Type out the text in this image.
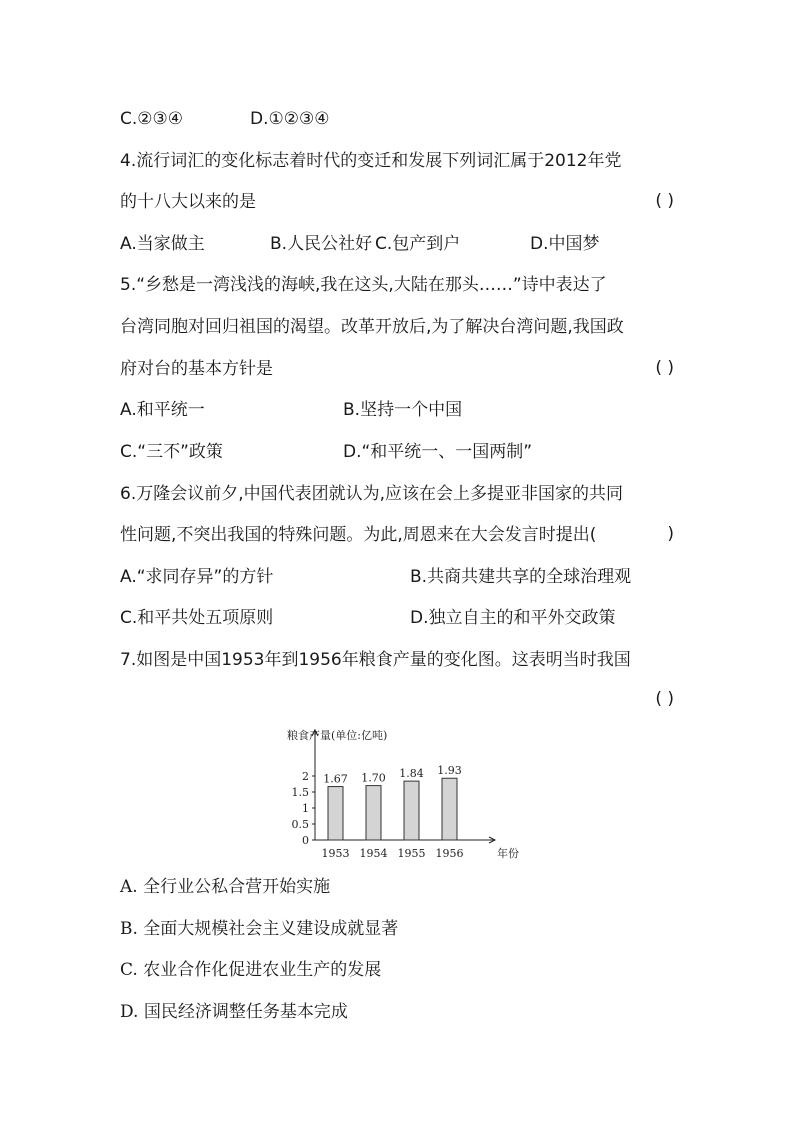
C.②③④	D.①②③④
4.流行词汇的变化标志着时代的变迁和发展下列词汇属于2012年党
的十八大以来的是	( )
A.当家做主	B.人民公社好 C.包产到户	D.中国梦
5.“乡愁是一湾浅浅的海峡,我在这头,大陆在那头……”诗中表达了
台湾同胞对回归祖国的渴望。改革开放后,为了解决台湾问题,我国政
府对台的基本方针是	( )
A.和平统一	B.坚持一个中国
C.“三不”政策	D.“和平统一、一国两制”
6.万隆会议前夕,中国代表团就认为,应该在会上多提亚非国家的共同
性问题,不突出我国的特殊问题。为此,周恩来在大会发言时提出(	)
A.“求同存异”的方针	B.共商共建共享的全球治理观
C.和平共处五项原则	D.独立自主的和平外交政策
7.如图是中国1953年到1956年粮食产量的变化图。这表明当时我国
( )
粮食产量(单位:亿吨)
年份
0
0.5
1
1.5
2 1.67
1953
1.70
1954
1.84
1955
1.93
1956
A. 全行业公私合营开始实施
B. 全面大规模社会主义建设成就显著
C. 农业合作化促进农业生产的发展
D. 国民经济调整任务基本完成
